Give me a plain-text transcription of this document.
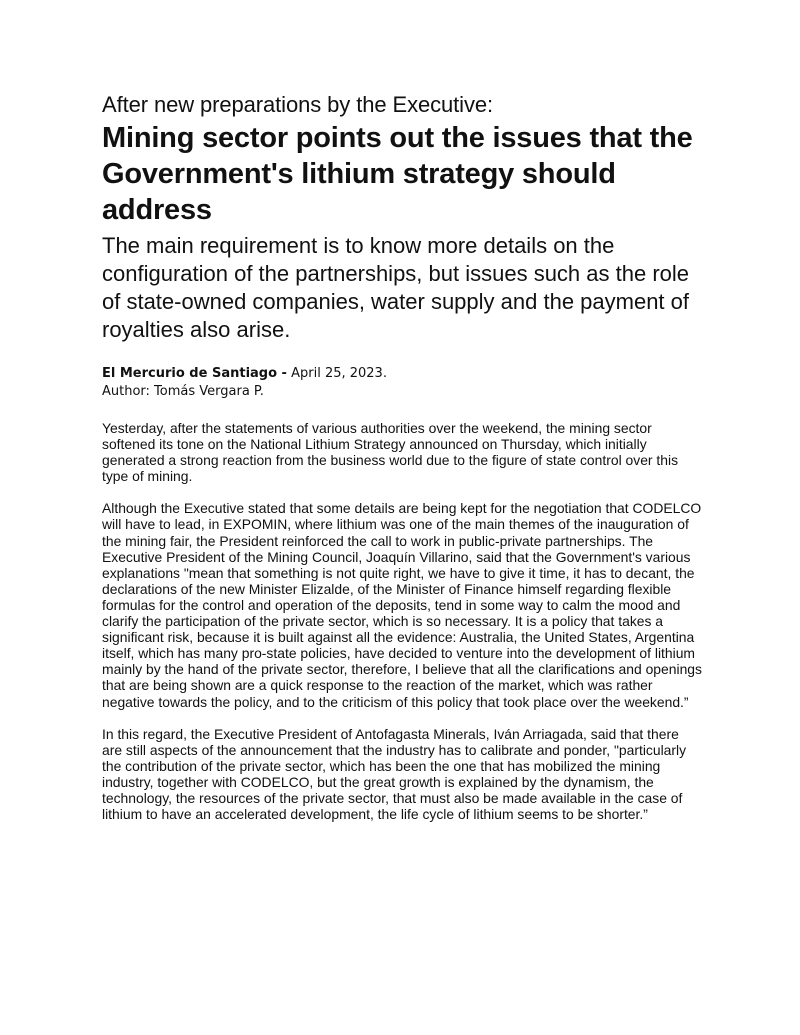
After new preparations by the Executive:
Mining sector points out the issues that the Government's lithium strategy should address
The main requirement is to know more details on the configuration of the partnerships, but issues such as the role of state-owned companies, water supply and the payment of royalties also arise.
El Mercurio de Santiago - April 25, 2023.
Author: Tomás Vergara P.

Yesterday, after the statements of various authorities over the weekend, the mining sector softened its tone on the National Lithium Strategy announced on Thursday, which initially generated a strong reaction from the business world due to the figure of state control over this type of mining.

Although the Executive stated that some details are being kept for the negotiation that CODELCO will have to lead, in EXPOMIN, where lithium was one of the main themes of the inauguration of the mining fair, the President reinforced the call to work in public-private partnerships. The Executive President of the Mining Council, Joaquín Villarino, said that the Government's various explanations "mean that something is not quite right, we have to give it time, it has to decant, the declarations of the new Minister Elizalde, of the Minister of Finance himself regarding flexible formulas for the control and operation of the deposits, tend in some way to calm the mood and clarify the participation of the private sector, which is so necessary. It is a policy that takes a significant risk, because it is built against all the evidence: Australia, the United States, Argentina itself, which has many pro-state policies, have decided to venture into the development of lithium mainly by the hand of the private sector, therefore, I believe that all the clarifications and openings that are being shown are a quick response to the reaction of the market, which was rather negative towards the policy, and to the criticism of this policy that took place over the weekend.”

In this regard, the Executive President of Antofagasta Minerals, Iván Arriagada, said that there are still aspects of the announcement that the industry has to calibrate and ponder, "particularly the contribution of the private sector, which has been the one that has mobilized the mining industry, together with CODELCO, but the great growth is explained by the dynamism, the technology, the resources of the private sector, that must also be made available in the case of lithium to have an accelerated development, the life cycle of lithium seems to be shorter.”
